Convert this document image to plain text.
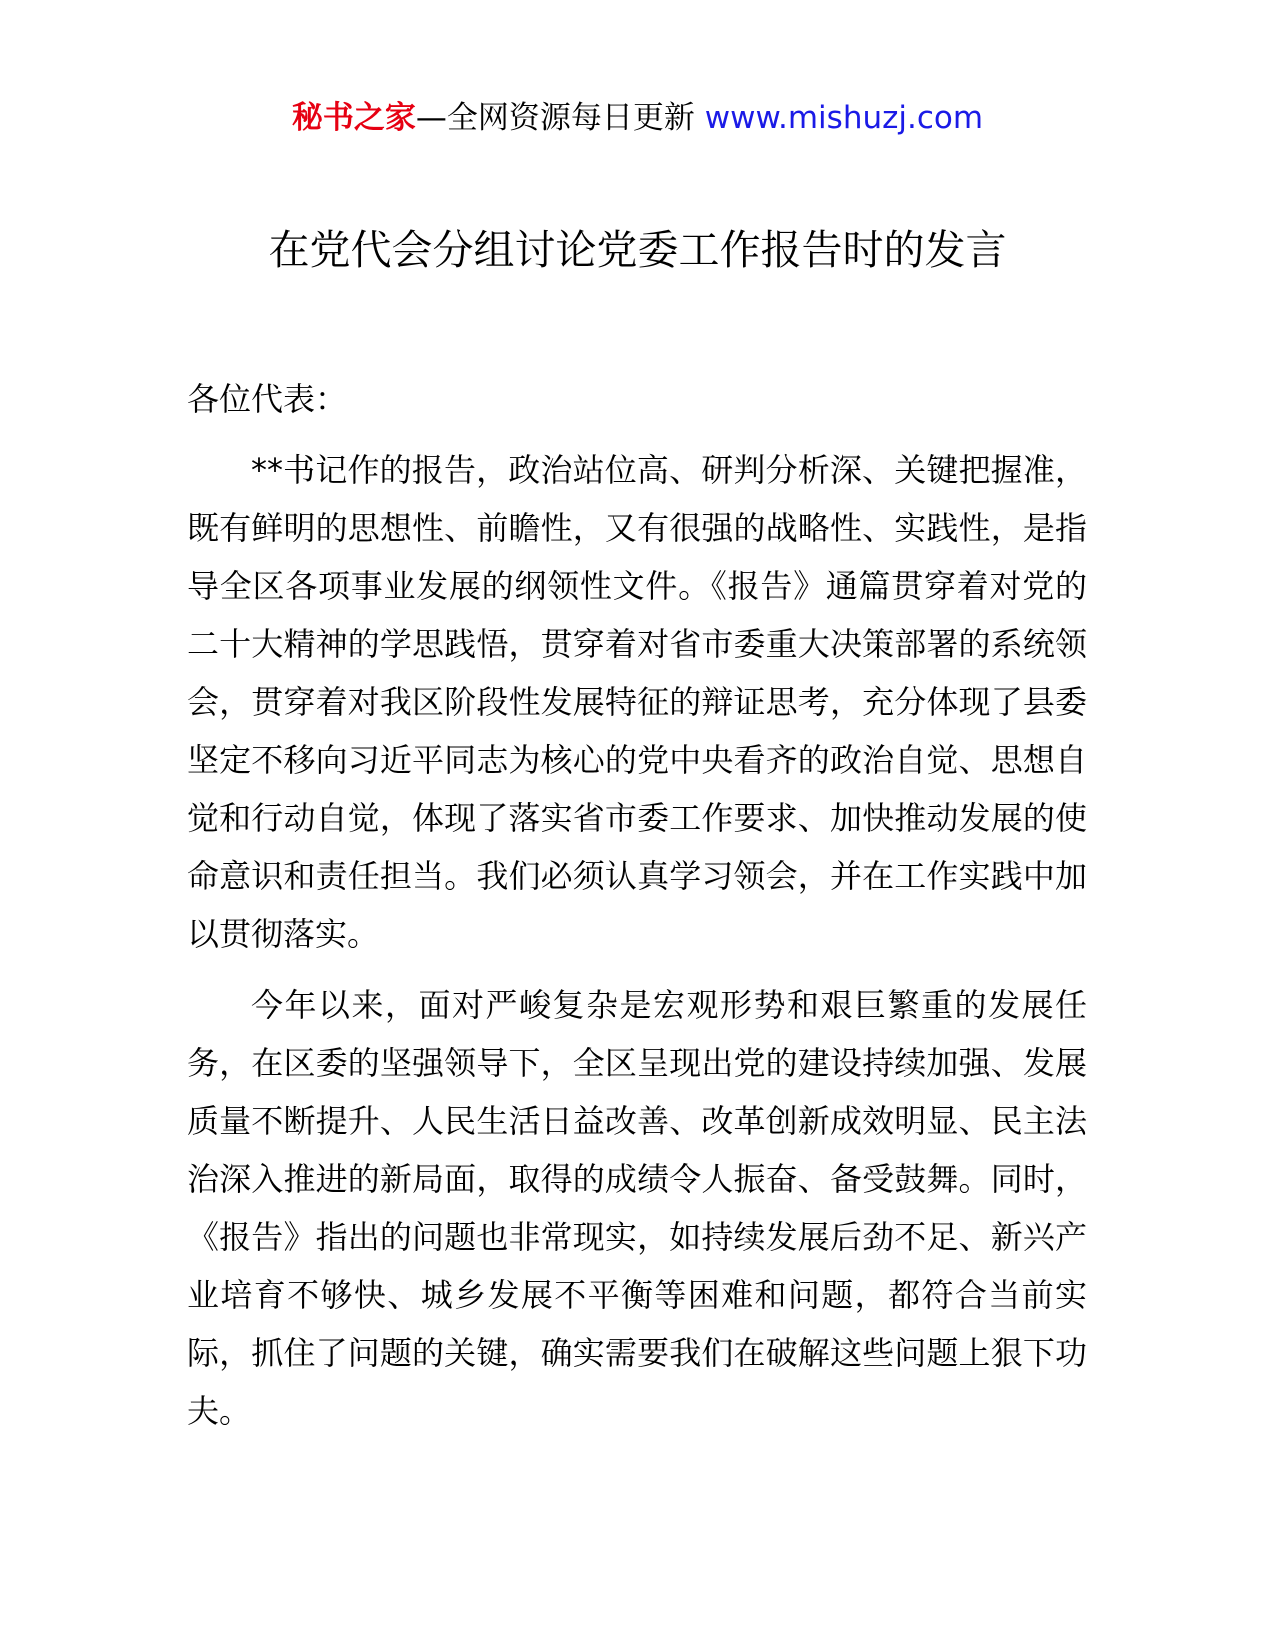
秘书之家—全网资源每日更新 www.mishuzj.com
在党代会分组讨论党委工作报告时的发言

各位代表：

**书记作的报告，政治站位高、研判分析深、关键把握准，既有鲜明的思想性、前瞻性，又有很强的战略性、实践性，是指导全区各项事业发展的纲领性文件。《报告》通篇贯穿着对党的二十大精神的学思践悟，贯穿着对省市委重大决策部署的系统领会，贯穿着对我区阶段性发展特征的辩证思考，充分体现了县委坚定不移向习近平同志为核心的党中央看齐的政治自觉、思想自觉和行动自觉，体现了落实省市委工作要求、加快推动发展的使命意识和责任担当。我们必须认真学习领会，并在工作实践中加以贯彻落实。

今年以来，面对严峻复杂是宏观形势和艰巨繁重的发展任务，在区委的坚强领导下，全区呈现出党的建设持续加强、发展质量不断提升、人民生活日益改善、改革创新成效明显、民主法治深入推进的新局面，取得的成绩令人振奋、备受鼓舞。同时，《报告》指出的问题也非常现实，如持续发展后劲不足、新兴产业培育不够快、城乡发展不平衡等困难和问题，都符合当前实际，抓住了问题的关键，确实需要我们在破解这些问题上狠下功夫。
